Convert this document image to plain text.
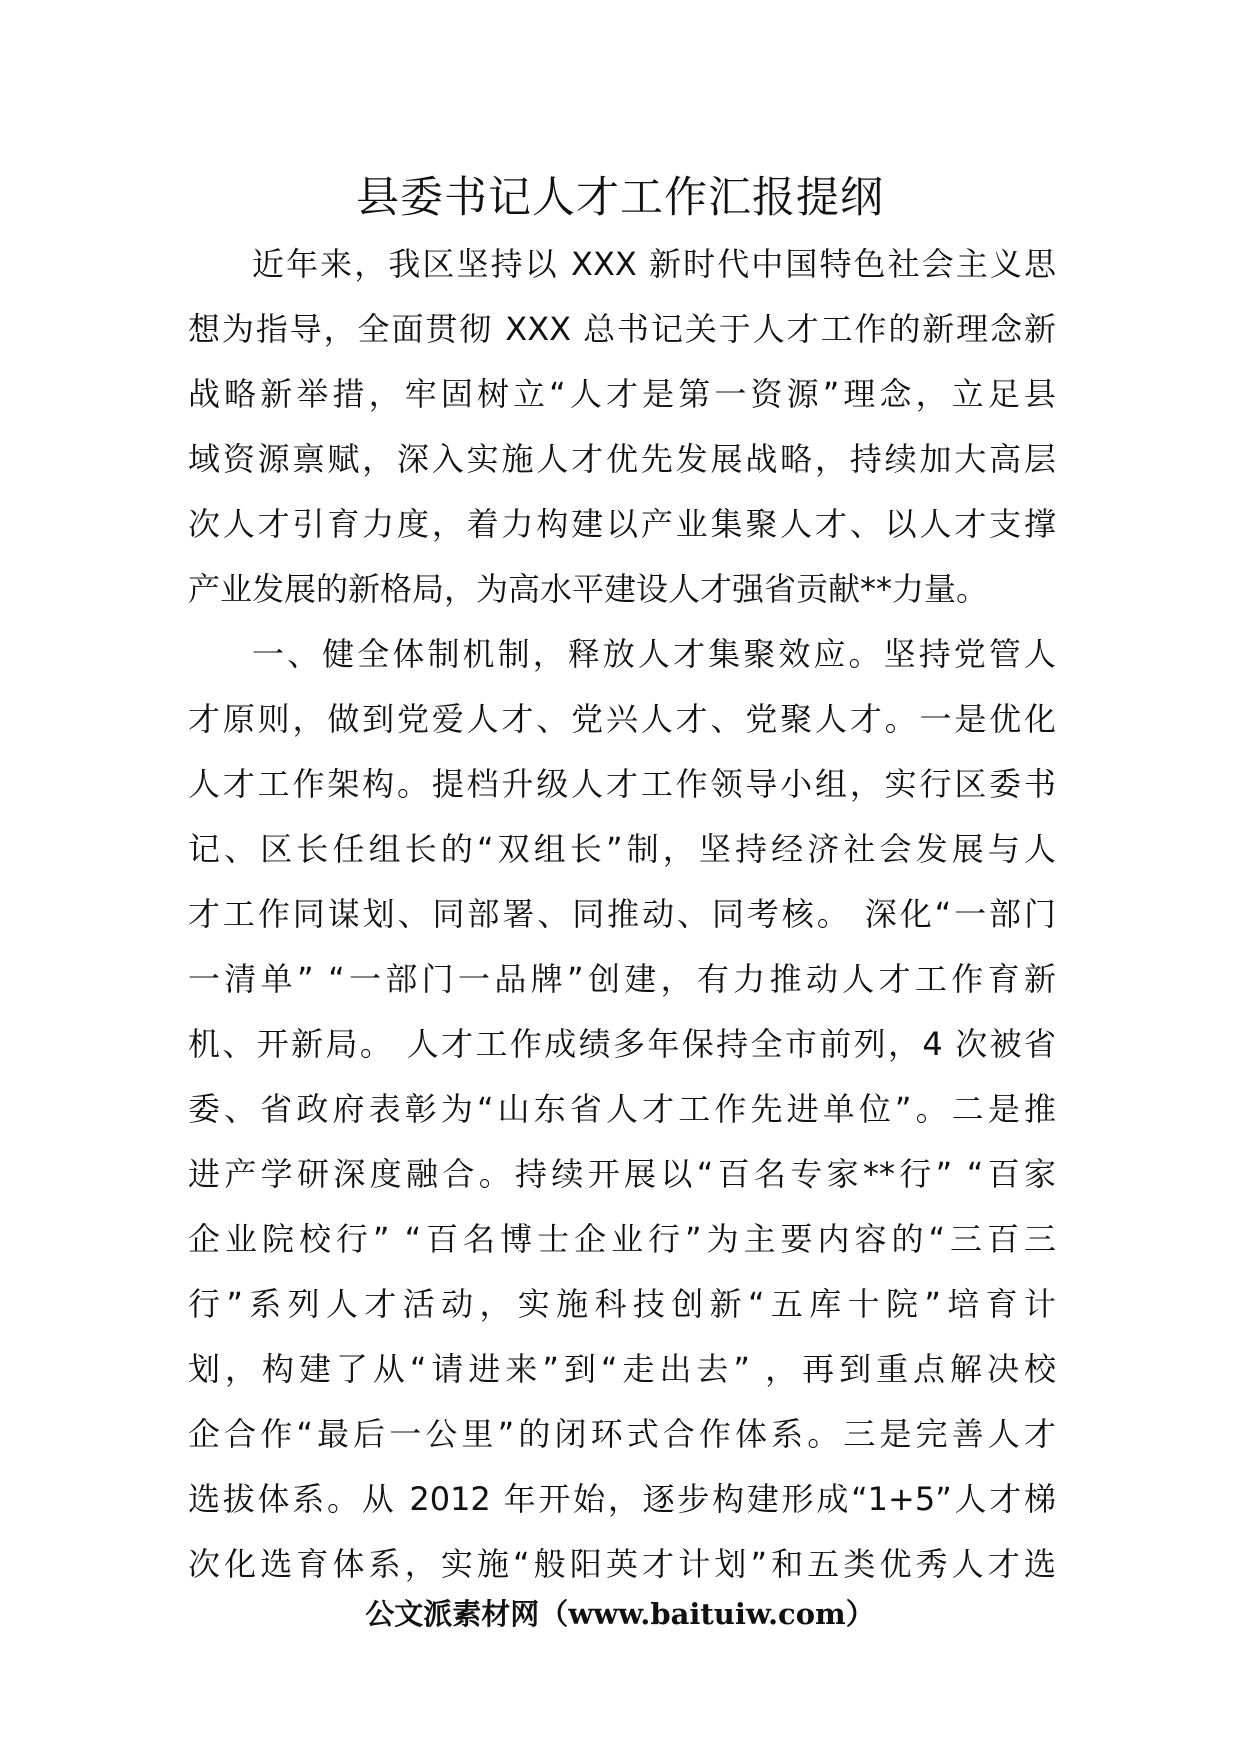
县委书记人才工作汇报提纲
近年来，我区坚持以 XXX 新时代中国特色社会主义思
想为指导，全面贯彻 XXX 总书记关于人才工作的新理念新
战略新举措，牢固树立“人才是第一资源”理念，立足县
域资源禀赋，深入实施人才优先发展战略，持续加大高层
次人才引育力度，着力构建以产业集聚人才、以人才支撑
产业发展的新格局，为高水平建设人才强省贡献**力量。
一、健全体制机制，释放人才集聚效应。坚持党管人
才原则，做到党爱人才、党兴人才、党聚人才。一是优化
人才工作架构。提档升级人才工作领导小组，实行区委书
记、区长任组长的“双组长”制，坚持经济社会发展与人
才工作同谋划、同部署、同推动、同考核。 深化“一部门
一清单” “一部门一品牌”创建，有力推动人才工作育新
机、开新局。 人才工作成绩多年保持全市前列，4 次被省
委、省政府表彰为“山东省人才工作先进单位”。二是推
进产学研深度融合。持续开展以“百名专家**行” “百家
企业院校行” “百名博士企业行”为主要内容的“三百三
行”系列人才活动，实施科技创新“五库十院”培育计
划，构建了从“请进来”到“走出去” ，再到重点解决校
企合作“最后一公里”的闭环式合作体系。三是完善人才
选拔体系。从 2012 年开始，逐步构建形成“1+5”人才梯
次化选育体系，实施“般阳英才计划”和五类优秀人才选
公文派素材网（www.baituiw.com）
